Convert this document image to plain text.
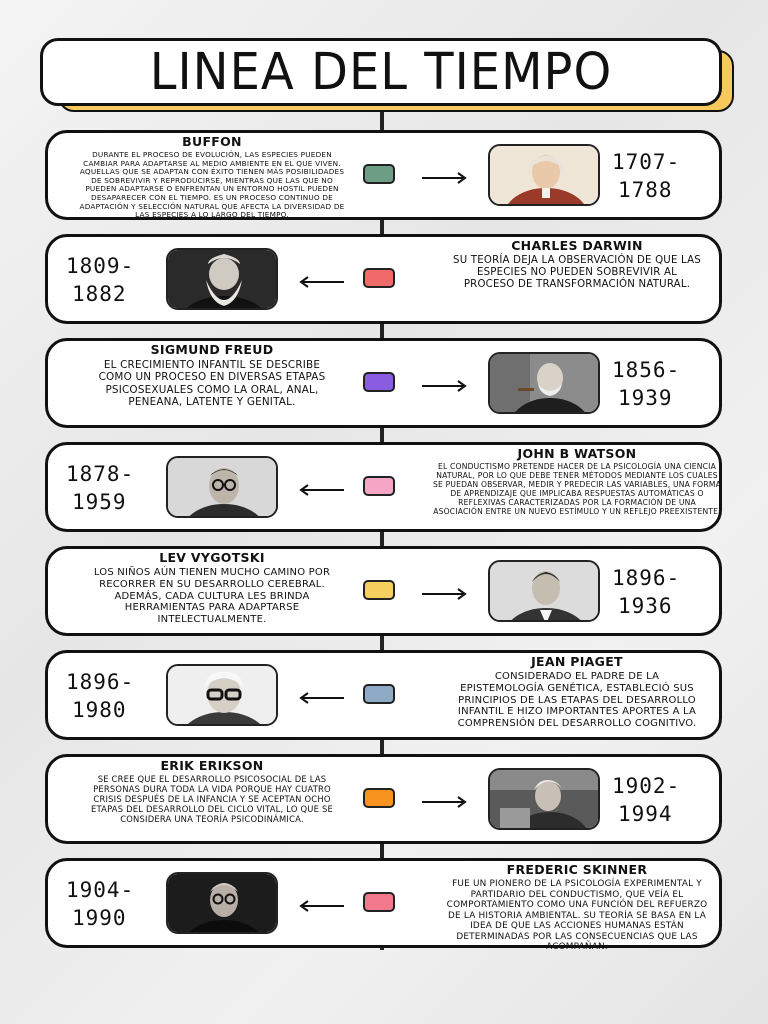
LINEA DEL TIEMPO
BUFFON
DURANTE EL PROCESO DE EVOLUCIÓN, LAS ESPECIES PUEDEN CAMBIAR PARA ADAPTARSE AL MEDIO AMBIENTE EN EL QUE VIVEN. AQUELLAS QUE SE ADAPTAN CON ÉXITO TIENEN MÁS POSIBILIDADES DE SOBREVIVIR Y REPRODUCIRSE, MIENTRAS QUE LAS QUE NO PUEDEN ADAPTARSE O ENFRENTAN UN ENTORNO HOSTIL PUEDEN DESAPARECER CON EL TIEMPO. ES UN PROCESO CONTINUO DE ADAPTACIÓN Y SELECCIÓN NATURAL QUE AFECTA LA DIVERSIDAD DE LAS ESPECIES A LO LARGO DEL TIEMPO.
1707-
1788
CHARLES DARWIN
SU TEORÍA DEJA LA OBSERVACIÓN DE QUE LAS ESPECIES NO PUEDEN SOBREVIVIR AL PROCESO DE TRANSFORMACIÓN NATURAL.
1809-
1882
SIGMUND FREUD
EL CRECIMIENTO INFANTIL SE DESCRIBE COMO UN PROCESO EN DIVERSAS ETAPAS PSICOSEXUALES COMO LA ORAL, ANAL, PENEANA, LATENTE Y GENITAL.
1856-
1939
JOHN B WATSON
EL CONDUCTISMO PRETENDE HACER DE LA PSICOLOGÍA UNA CIENCIA NATURAL, POR LO QUE DEBE TENER MÉTODOS MEDIANTE LOS CUALES SE PUEDAN OBSERVAR, MEDIR Y PREDECIR LAS VARIABLES, UNA FORMA DE APRENDIZAJE QUE IMPLICABA RESPUESTAS AUTOMÁTICAS O REFLEXIVAS CARACTERIZADAS POR LA FORMACIÓN DE UNA ASOCIACIÓN ENTRE UN NUEVO ESTÍMULO Y UN REFLEJO PREEXISTENTE.
1878-
1959
LEV VYGOTSKI
LOS NIÑOS AÚN TIENEN MUCHO CAMINO POR RECORRER EN SU DESARROLLO CEREBRAL. ADEMÁS, CADA CULTURA LES BRINDA HERRAMIENTAS PARA ADAPTARSE INTELECTUALMENTE.
1896-
1936
JEAN PIAGET
CONSIDERADO EL PADRE DE LA EPISTEMOLOGÍA GENÉTICA, ESTABLECIÓ SUS PRINCIPIOS DE LAS ETAPAS DEL DESARROLLO INFANTIL E HIZO IMPORTANTES APORTES A LA COMPRENSIÓN DEL DESARROLLO COGNITIVO.
1896-
1980
ERIK ERIKSON
SE CREE QUE EL DESARROLLO PSICOSOCIAL DE LAS PERSONAS DURA TODA LA VIDA PORQUE HAY CUATRO CRISIS DESPUÉS DE LA INFANCIA Y SE ACEPTAN OCHO ETAPAS DEL DESARROLLO DEL CICLO VITAL, LO QUE SE CONSIDERA UNA TEORÍA PSICODINÁMICA.
1902-
1994
FREDERIC SKINNER
FUE UN PIONERO DE LA PSICOLOGÍA EXPERIMENTAL Y PARTIDARIO DEL CONDUCTISMO, QUE VEÍA EL COMPORTAMIENTO COMO UNA FUNCIÓN DEL REFUERZO DE LA HISTORIA AMBIENTAL. SU TEORÍA SE BASA EN LA IDEA DE QUE LAS ACCIONES HUMANAS ESTÁN DETERMINADAS POR LAS CONSECUENCIAS QUE LAS ACOMPAÑAN.
1904-
1990
